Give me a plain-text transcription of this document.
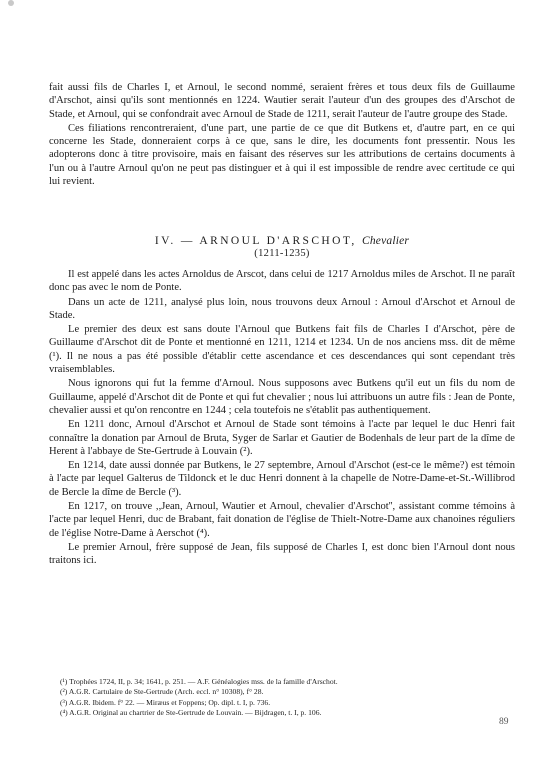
fait aussi fils de Charles I, et Arnoul, le second nommé, seraient frères et tous deux fils de Guillaume d'Arschot, ainsi qu'ils sont mentionnés en 1224. Wautier serait l'auteur d'un des groupes des d'Arschot de Stade, et Arnoul, qui se confondrait avec Arnoul de Stade de 1211, serait l'auteur de l'autre groupe des Stade.

Ces filiations rencontreraient, d'une part, une partie de ce que dit Butkens et, d'autre part, en ce qui concerne les Stade, donneraient corps à ce que, sans le dire, les documents font pressentir. Nous les adopterons donc à titre provisoire, mais en faisant des réserves sur les attributions de certains documents à l'un ou à l'autre Arnoul qu'on ne peut pas distinguer et à qui il est impossible de rendre avec certitude ce qui lui revient.

IV. — ARNOUL D'ARSCHOT, Chevalier
(1211-1235)

Il est appelé dans les actes Arnoldus de Arscot, dans celui de 1217 Arnoldus miles de Arschot. Il ne paraît donc pas avec le nom de Ponte.

Dans un acte de 1211, analysé plus loin, nous trouvons deux Arnoul : Arnoul d'Arschot et Arnoul de Stade.

Le premier des deux est sans doute l'Arnoul que Butkens fait fils de Charles I d'Arschot, père de Guillaume d'Arschot dit de Ponte et mentionné en 1211, 1214 et 1234. Un de nos anciens mss. dit de même (¹). Il ne nous a pas été possible d'établir cette ascendance et ces descendances qui sont cependant très vraisemblables.

Nous ignorons qui fut la femme d'Arnoul. Nous supposons avec Butkens qu'il eut un fils du nom de Guillaume, appelé d'Arschot dit de Ponte et qui fut chevalier ; nous lui attribuons un autre fils : Jean de Ponte, chevalier aussi et qu'on rencontre en 1244 ; cela toutefois ne s'établit pas authentiquement.

En 1211 donc, Arnoul d'Arschot et Arnoul de Stade sont témoins à l'acte par lequel le duc Henri fait connaître la donation par Arnoul de Bruta, Syger de Sarlar et Gautier de Bodenhals de leur part de la dîme de Herent à l'abbaye de Ste-Gertrude à Louvain (²).

En 1214, date aussi donnée par Butkens, le 27 septembre, Arnoul d'Arschot (est-ce le même?) est témoin à l'acte par lequel Galterus de Tildonck et le duc Henri donnent à la chapelle de Notre-Dame-et-St.-Willibrod de Bercle la dîme de Bercle (³).

En 1217, on trouve ,,Jean, Arnoul, Wautier et Arnoul, chevalier d'Arschot'', assistant comme témoins à l'acte par lequel Henri, duc de Brabant, fait donation de l'église de Thielt-Notre-Dame aux chanoines réguliers de l'église Notre-Dame à Aerschot (⁴).

Le premier Arnoul, frère supposé de Jean, fils supposé de Charles I, est donc bien l'Arnoul dont nous traitons ici.

(¹) Trophées 1724, II, p. 34; 1641, p. 251. — A.F. Généalogies mss. de la famille d'Arschot.
(²) A.G.R. Cartulaire de Ste-Gertrude (Arch. eccl. n° 10308), f° 28.
(³) A.G.R. Ibidem. f° 22. — Miræus et Foppens; Op. dipl. t. I, p. 736.
(⁴) A.G.R. Original au chartrier de Ste-Gertrude de Louvain. — Bijdragen, t. I, p. 106.
89
